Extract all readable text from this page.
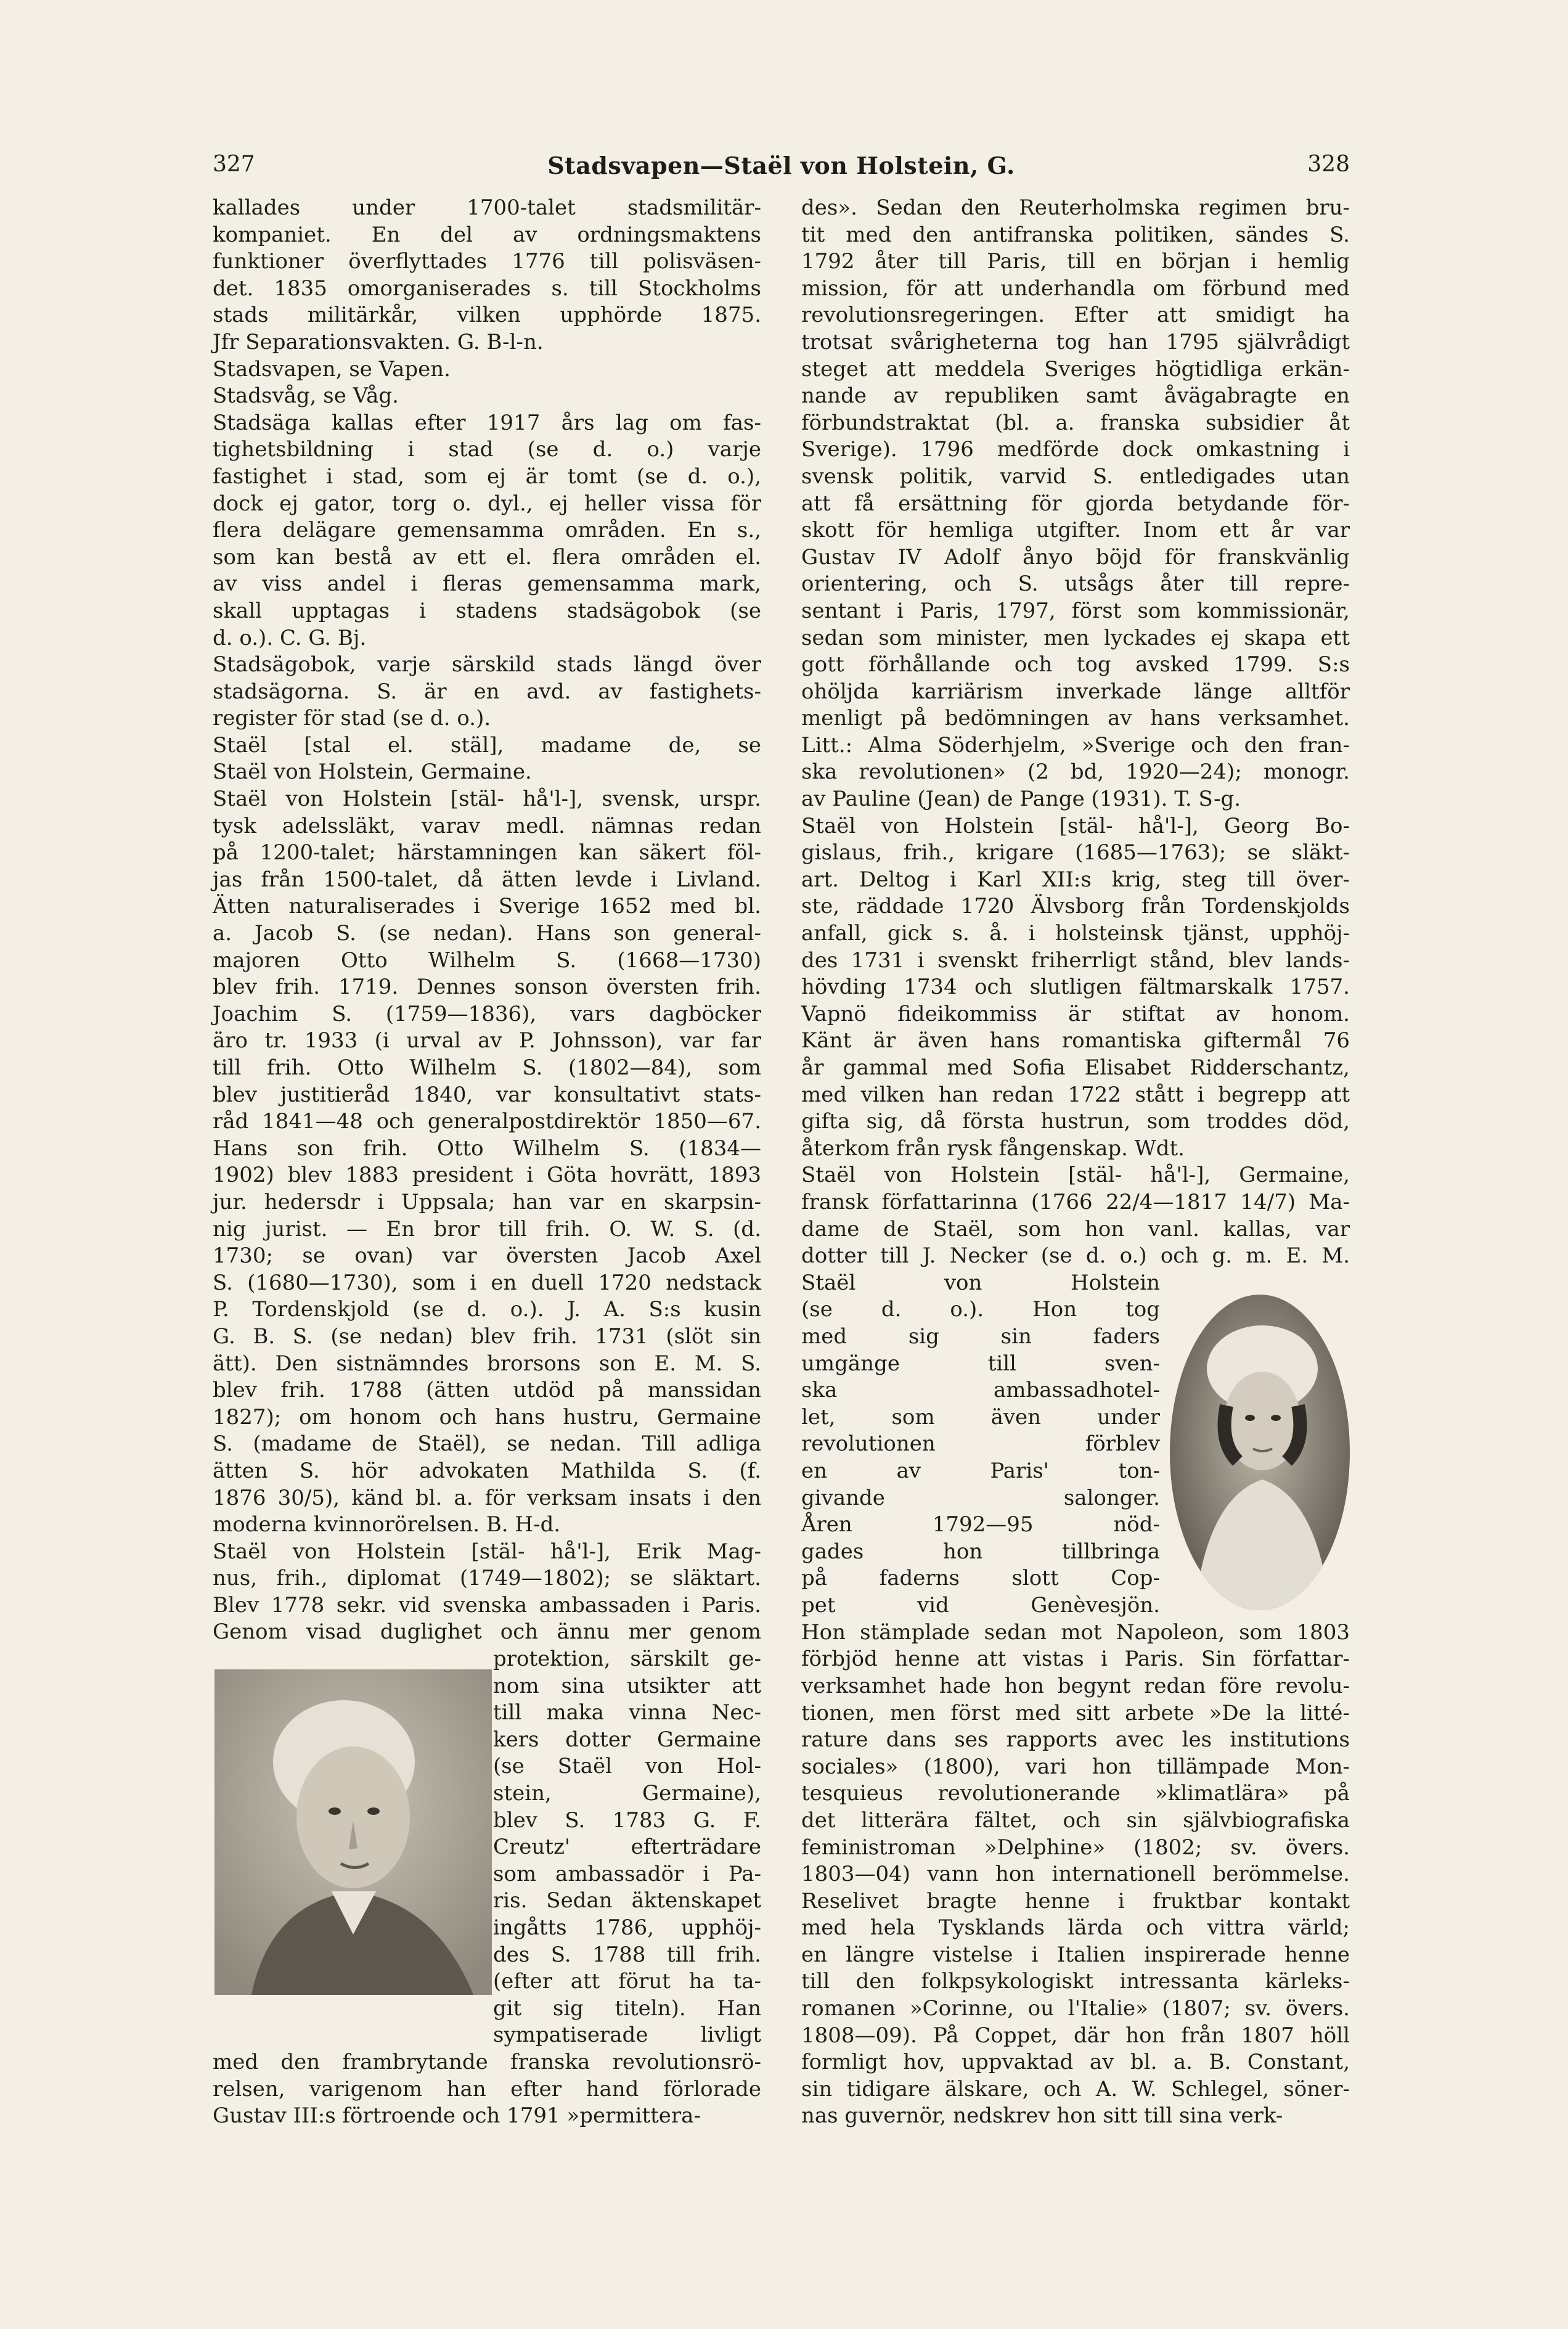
327	Stadsvapen—Staël von Holstein, G.	328
kallades under 1700-talet stadsmilitär-
kompaniet. En del av ordningsmaktens
funktioner överflyttades 1776 till polisväsen-
det. 1835 omorganiserades s. till Stockholms
stads militärkår, vilken upphörde 1875.
Jfr Separationsvakten. G. B-l-n.
Stadsvapen, se Vapen.
Stadsvåg, se Våg.
Stadsäga kallas efter 1917 års lag om fas-
tighetsbildning i stad (se d. o.) varje
fastighet i stad, som ej är tomt (se d. o.),
dock ej gator, torg o. dyl., ej heller vissa för
flera delägare gemensamma områden. En s.,
som kan bestå av ett el. flera områden el.
av viss andel i fleras gemensamma mark,
skall upptagas i stadens stadsägobok (se
d. o.). C. G. Bj.
Stadsägobok, varje särskild stads längd över
stadsägorna. S. är en avd. av fastighets-
register för stad (se d. o.).
Staël [stal el. stäl], madame de, se
Staël von Holstein, Germaine.
Staël von Holstein [stäl- hå'l-], svensk, urspr.
tysk adelssläkt, varav medl. nämnas redan
på 1200-talet; härstamningen kan säkert föl-
jas från 1500-talet, då ätten levde i Livland.
Ätten naturaliserades i Sverige 1652 med bl.
a. Jacob S. (se nedan). Hans son general-
majoren Otto Wilhelm S. (1668—1730)
blev frih. 1719. Dennes sonson översten frih.
Joachim S. (1759—1836), vars dagböcker
äro tr. 1933 (i urval av P. Johnsson), var far
till frih. Otto Wilhelm S. (1802—84), som
blev justitieråd 1840, var konsultativt stats-
råd 1841—48 och generalpostdirektör 1850—67.
Hans son frih. Otto Wilhelm S. (1834—
1902) blev 1883 president i Göta hovrätt, 1893
jur. hedersdr i Uppsala; han var en skarpsin-
nig jurist. — En bror till frih. O. W. S. (d.
1730; se ovan) var översten Jacob Axel
S. (1680—1730), som i en duell 1720 nedstack
P. Tordenskjold (se d. o.). J. A. S:s kusin
G. B. S. (se nedan) blev frih. 1731 (slöt sin
ätt). Den sistnämndes brorsons son E. M. S.
blev frih. 1788 (ätten utdöd på manssidan
1827); om honom och hans hustru, Germaine
S. (madame de Staël), se nedan. Till adliga
ätten S. hör advokaten Mathilda S. (f.
1876 30/5), känd bl. a. för verksam insats i den
moderna kvinnorörelsen. B. H-d.
Staël von Holstein [stäl- hå'l-], Erik Mag-
nus, frih., diplomat (1749—1802); se släktart.
Blev 1778 sekr. vid svenska ambassaden i Paris.
Genom visad duglighet och ännu mer genom
protektion, särskilt ge-
nom sina utsikter att
till maka vinna Nec-
kers dotter Germaine
(se Staël von Hol-
stein, Germaine),
blev S. 1783 G. F.
Creutz' efterträdare
som ambassadör i Pa-
ris. Sedan äktenskapet
ingåtts 1786, upphöj-
des S. 1788 till frih.
(efter att förut ha ta-
git sig titeln). Han
sympatiserade livligt
med den frambrytande franska revolutionsrö-
relsen, varigenom han efter hand förlorade
Gustav III:s förtroende och 1791 »permittera-
des». Sedan den Reuterholmska regimen bru-
tit med den antifranska politiken, sändes S.
1792 åter till Paris, till en början i hemlig
mission, för att underhandla om förbund med
revolutionsregeringen. Efter att smidigt ha
trotsat svårigheterna tog han 1795 självrådigt
steget att meddela Sveriges högtidliga erkän-
nande av republiken samt åvägabragte en
förbundstraktat (bl. a. franska subsidier åt
Sverige). 1796 medförde dock omkastning i
svensk politik, varvid S. entledigades utan
att få ersättning för gjorda betydande för-
skott för hemliga utgifter. Inom ett år var
Gustav IV Adolf ånyo böjd för franskvänlig
orientering, och S. utsågs åter till repre-
sentant i Paris, 1797, först som kommissionär,
sedan som minister, men lyckades ej skapa ett
gott förhållande och tog avsked 1799. S:s
ohöljda karriärism inverkade länge alltför
menligt på bedömningen av hans verksamhet.
Litt.: Alma Söderhjelm, »Sverige och den fran-
ska revolutionen» (2 bd, 1920—24); monogr.
av Pauline (Jean) de Pange (1931). T. S-g.
Staël von Holstein [stäl- hå'l-], Georg Bo-
gislaus, frih., krigare (1685—1763); se släkt-
art. Deltog i Karl XII:s krig, steg till över-
ste, räddade 1720 Älvsborg från Tordenskjolds
anfall, gick s. å. i holsteinsk tjänst, upphöj-
des 1731 i svenskt friherrligt stånd, blev lands-
hövding 1734 och slutligen fältmarskalk 1757.
Vapnö fideikommiss är stiftat av honom.
Känt är även hans romantiska giftermål 76
år gammal med Sofia Elisabet Ridderschantz,
med vilken han redan 1722 stått i begrepp att
gifta sig, då första hustrun, som troddes död,
återkom från rysk fångenskap. Wdt.
Staël von Holstein [stäl- hå'l-], Germaine,
fransk författarinna (1766 22/4—1817 14/7) Ma-
dame de Staël, som hon vanl. kallas, var
dotter till J. Necker (se d. o.) och g. m. E. M.
Staël von Holstein
(se d. o.). Hon tog
med sig sin faders
umgänge till sven-
ska ambassadhotel-
let, som även under
revolutionen förblev
en av Paris' ton-
givande salonger.
Åren 1792—95 nöd-
gades hon tillbringa
på faderns slott Cop-
pet vid Genèvesjön.
Hon stämplade sedan mot Napoleon, som 1803
förbjöd henne att vistas i Paris. Sin författar-
verksamhet hade hon begynt redan före revolu-
tionen, men först med sitt arbete »De la litté-
rature dans ses rapports avec les institutions
sociales» (1800), vari hon tillämpade Mon-
tesquieus revolutionerande »klimatlära» på
det litterära fältet, och sin självbiografiska
feministroman »Delphine» (1802; sv. övers.
1803—04) vann hon internationell berömmelse.
Reselivet bragte henne i fruktbar kontakt
med hela Tysklands lärda och vittra värld;
en längre vistelse i Italien inspirerade henne
till den folkpsykologiskt intressanta kärleks-
romanen »Corinne, ou l'Italie» (1807; sv. övers.
1808—09). På Coppet, där hon från 1807 höll
formligt hov, uppvaktad av bl. a. B. Constant,
sin tidigare älskare, och A. W. Schlegel, söner-
nas guvernör, nedskrev hon sitt till sina verk-
